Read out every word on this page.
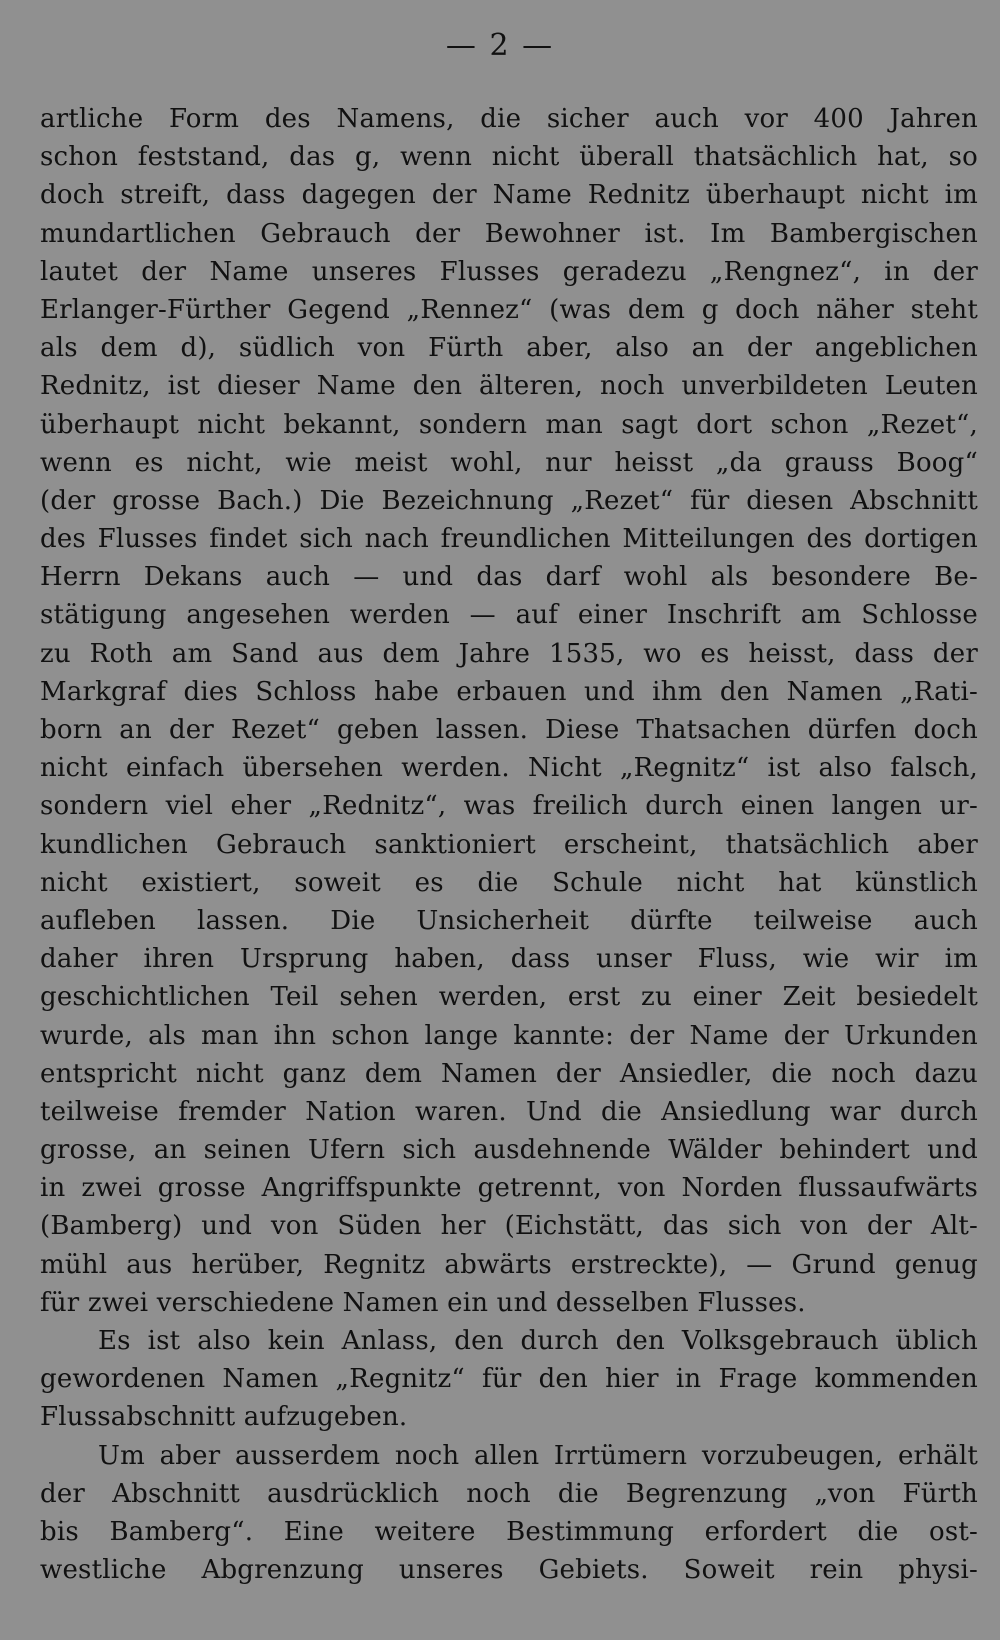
— 2 —
artliche Form des Namens, die sicher auch vor 400 Jahren
schon feststand, das g, wenn nicht überall thatsächlich hat, so
doch streift, dass dagegen der Name Rednitz überhaupt nicht im
mundartlichen Gebrauch der Bewohner ist. Im Bambergischen
lautet der Name unseres Flusses geradezu „Rengnez“, in der
Erlanger-Fürther Gegend „Rennez“ (was dem g doch näher steht
als dem d), südlich von Fürth aber, also an der angeblichen
Rednitz, ist dieser Name den älteren, noch unverbildeten Leuten
überhaupt nicht bekannt, sondern man sagt dort schon „Rezet“,
wenn es nicht, wie meist wohl, nur heisst „da grauss Boog“
(der grosse Bach.) Die Bezeichnung „Rezet“ für diesen Abschnitt
des Flusses findet sich nach freundlichen Mitteilungen des dortigen
Herrn Dekans auch — und das darf wohl als besondere Be-
stätigung angesehen werden — auf einer Inschrift am Schlosse
zu Roth am Sand aus dem Jahre 1535, wo es heisst, dass der
Markgraf dies Schloss habe erbauen und ihm den Namen „Rati-
born an der Rezet“ geben lassen. Diese Thatsachen dürfen doch
nicht einfach übersehen werden. Nicht „Regnitz“ ist also falsch,
sondern viel eher „Rednitz“, was freilich durch einen langen ur-
kundlichen Gebrauch sanktioniert erscheint, thatsächlich aber
nicht existiert, soweit es die Schule nicht hat künstlich
aufleben lassen. Die Unsicherheit dürfte teilweise auch
daher ihren Ursprung haben, dass unser Fluss, wie wir im
geschichtlichen Teil sehen werden, erst zu einer Zeit besiedelt
wurde, als man ihn schon lange kannte: der Name der Urkunden
entspricht nicht ganz dem Namen der Ansiedler, die noch dazu
teilweise fremder Nation waren. Und die Ansiedlung war durch
grosse, an seinen Ufern sich ausdehnende Wälder behindert und
in zwei grosse Angriffspunkte getrennt, von Norden flussaufwärts
(Bamberg) und von Süden her (Eichstätt, das sich von der Alt-
mühl aus herüber, Regnitz abwärts erstreckte), — Grund genug
für zwei verschiedene Namen ein und desselben Flusses.
Es ist also kein Anlass, den durch den Volksgebrauch üblich
gewordenen Namen „Regnitz“ für den hier in Frage kommenden
Flussabschnitt aufzugeben.
Um aber ausserdem noch allen Irrtümern vorzubeugen, erhält
der Abschnitt ausdrücklich noch die Begrenzung „von Fürth
bis Bamberg“. Eine weitere Bestimmung erfordert die ost-
westliche Abgrenzung unseres Gebiets. Soweit rein physi-
